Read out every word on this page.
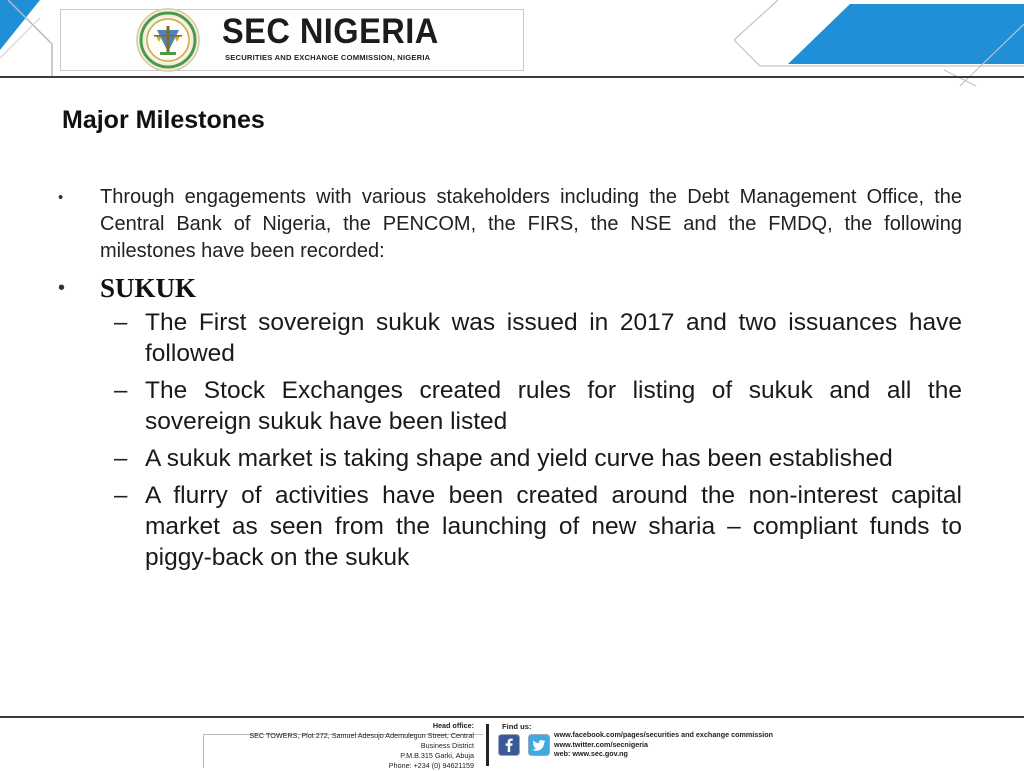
SEC NIGERIA
SECURITIES AND EXCHANGE COMMISSION, NIGERIA
Major Milestones
•	Through engagements with various stakeholders including the Debt Management Office, the Central Bank of Nigeria, the PENCOM, the FIRS, the NSE and the FMDQ, the following milestones have been recorded:
•	SUKUK
– The First sovereign sukuk was issued in 2017 and two issuances have followed
– The Stock Exchanges created rules for listing of sukuk and all the sovereign sukuk have been listed
– A sukuk market is taking shape and yield curve has been established
– A flurry of activities have been created around the non-interest capital market as seen from the launching of new sharia – compliant funds to piggy-back on the sukuk
Head office:
SEC TOWERS, Plot 272, Samuel Adesujo Ademulegun Street, Central
Business District
P.M.B.315 Garki, Abuja
Phone: +234 (0) 94621159
Find us:
www.facebook.com/pages/securities and exchange commission
www.twitter.com/secnigeria
web: www.sec.gov.ng
